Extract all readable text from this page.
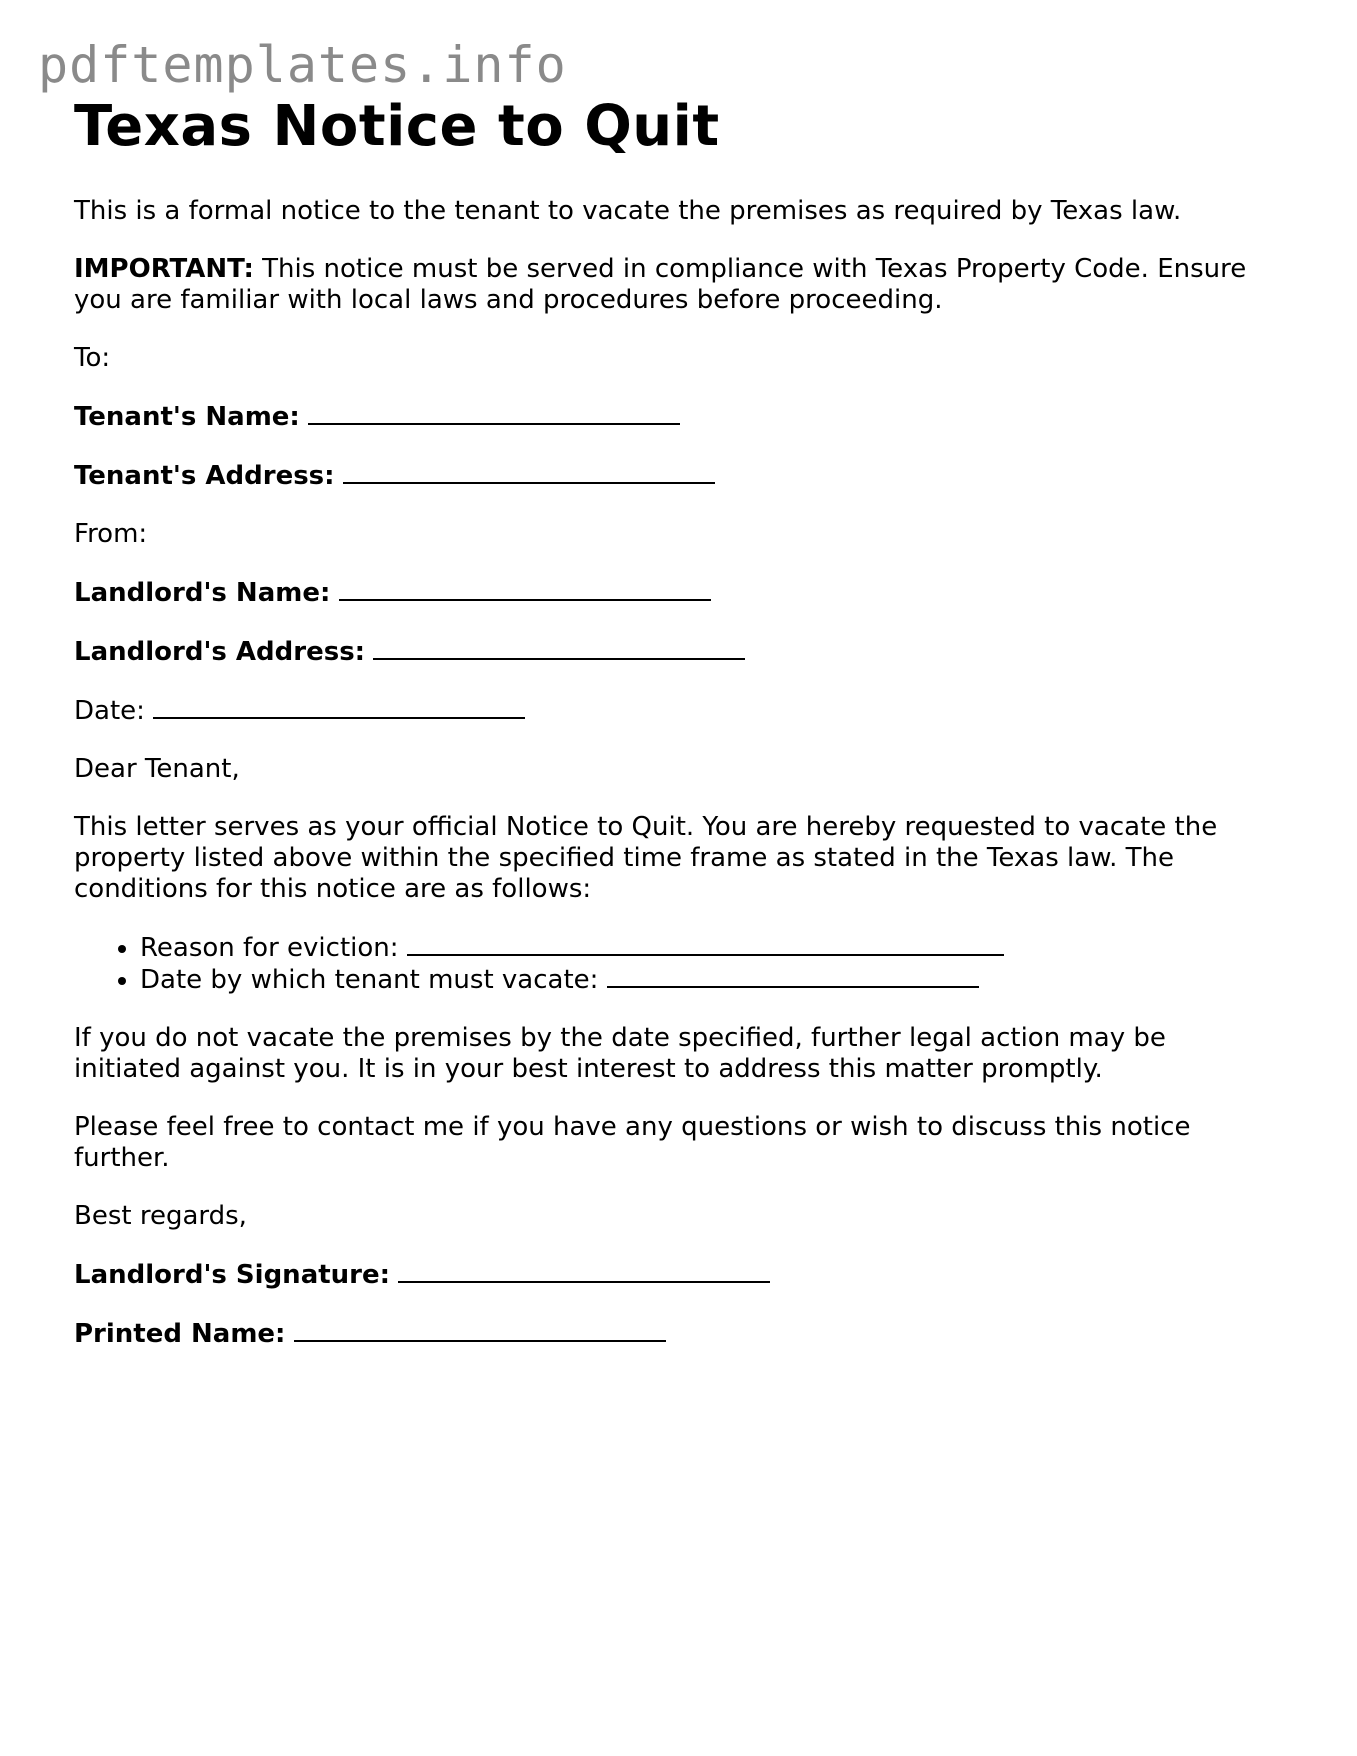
pdftemplates.info
Texas Notice to Quit

This is a formal notice to the tenant to vacate the premises as required by Texas law.

IMPORTANT: This notice must be served in compliance with Texas Property Code. Ensure you are familiar with local laws and procedures before proceeding.

To:

Tenant's Name:

Tenant's Address:

From:

Landlord's Name:

Landlord's Address:

Date:

Dear Tenant,

This letter serves as your official Notice to Quit. You are hereby requested to vacate the property listed above within the specified time frame as stated in the Texas law. The conditions for this notice are as follows:

• Reason for eviction:
• Date by which tenant must vacate:

If you do not vacate the premises by the date specified, further legal action may be initiated against you. It is in your best interest to address this matter promptly.

Please feel free to contact me if you have any questions or wish to discuss this notice further.

Best regards,

Landlord's Signature:

Printed Name:
